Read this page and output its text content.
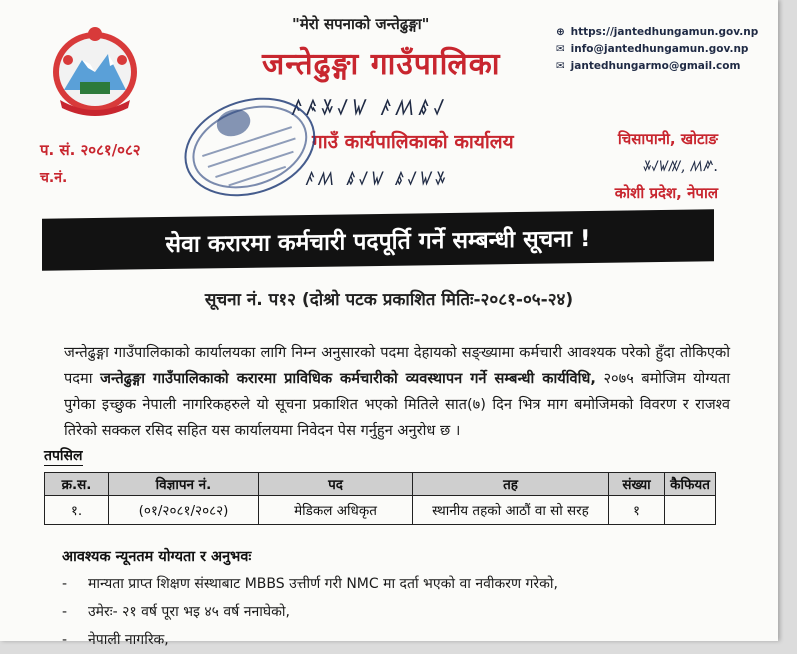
"मेरो सपनाको जन्तेढुङ्गा"
जन्तेढुङ्गा गाउँपालिका
ꤰꤴꤸꤶꤿ ꤰꤵꤹꤶ
गाउँ कार्यपालिकाको कार्यालय
ꤰꤵ ꤹꤶꤿ ꤹꤶꤿꤸ
⊕ https://jantedhungamun.gov.np
✉ info@jantedhungamun.gov.np
✉ jantedhungarmo@gmail.com
प. सं. २०८१/०८२
च.नं.
चिसापानी, खोटाङ
ꤸꤶꤿꤲ, ꤵꤺ.
कोशी प्रदेश, नेपाल
सेवा करारमा कर्मचारी पदपूर्ति गर्ने सम्बन्धी सूचना !
सूचना नं. प१२ (दोश्रो पटक प्रकाशित मितिः-२०८१-०५-२४)
जन्तेढुङ्गा गाउँपालिकाको कार्यालयका लागि निम्न अनुसारको पदमा देहायको सङ्ख्यामा कर्मचारी आवश्यक परेको हुँदा तोकिएको पदमा जन्तेढुङ्गा गाउँपालिकाको करारमा प्राविधिक कर्मचारीको व्यवस्थापन गर्ने सम्बन्धी कार्यविधि, २०७५ बमोजिम योग्यता पुगेका इच्छुक नेपाली नागरिकहरुले यो सूचना प्रकाशित भएको मितिले सात(७) दिन भित्र माग बमोजिमको विवरण र राजश्व तिरेको सक्कल रसिद सहित यस कार्यालयमा निवेदन पेस गर्नुहुन अनुरोध छ ।
तपसिल
क्र.स.	विज्ञापन नं.	पद	तह	संख्या	कैफियत
१.	(०१/२०८१/२०८२)	मेडिकल अधिकृत	स्थानीय तहको आठौं वा सो सरह	१	
आवश्यक न्यूनतम योग्यता र अनुभवः
- मान्यता प्राप्त शिक्षण संस्थाबाट MBBS उत्तीर्ण गरी NMC मा दर्ता भएको वा नवीकरण गरेको,
- उमेरः- २१ वर्ष पूरा भइ ४५ वर्ष ननाघेको,
- नेपाली नागरिक,
